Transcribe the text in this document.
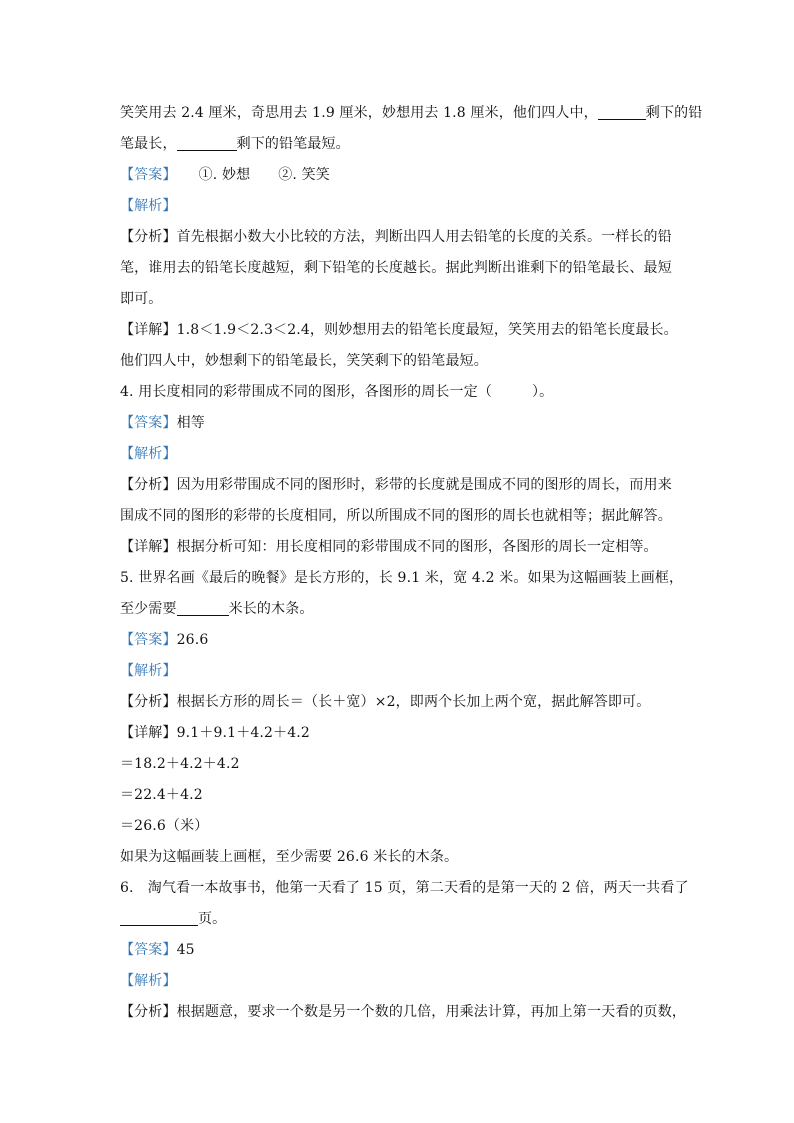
笑笑用去 2.4 厘米，奇思用去 1.9 厘米，妙想用去 1.8 厘米，他们四人中，	剩下的铅
笔最长，	剩下的铅笔最短。
【答案】 ①. 妙想 ②. 笑笑
【解析】
【分析】首先根据小数大小比较的方法，判断出四人用去铅笔的长度的关系。一样长的铅
笔，谁用去的铅笔长度越短，剩下铅笔的长度越长。据此判断出谁剩下的铅笔最长、最短
即可。
【详解】1.8＜1.9＜2.3＜2.4，则妙想用去的铅笔长度最短，笑笑用去的铅笔长度最长。
他们四人中，妙想剩下的铅笔最长，笑笑剩下的铅笔最短。
4. 用长度相同的彩带围成不同的图形，各图形的周长一定（	）。
【答案】相等
【解析】
【分析】因为用彩带围成不同的图形时，彩带的长度就是围成不同的图形的周长，而用来
围成不同的图形的彩带的长度相同，所以所围成不同的图形的周长也就相等；据此解答。
【详解】根据分析可知：用长度相同的彩带围成不同的图形，各图形的周长一定相等。
5. 世界名画《最后的晚餐》是长方形的，长 9.1 米，宽 4.2 米。如果为这幅画装上画框，
至少需要	米长的木条。
【答案】26.6
【解析】
【分析】根据长方形的周长＝（长＋宽）×2，即两个长加上两个宽，据此解答即可。
【详解】9.1＋9.1＋4.2＋4.2
＝18.2＋4.2＋4.2
＝22.4＋4.2
＝26.6（米）
如果为这幅画装上画框，至少需要 26.6 米长的木条。
6.　淘气看一本故事书，他第一天看了 15 页，第二天看的是第一天的 2 倍，两天一共看了
页。
【答案】45
【解析】
【分析】根据题意，要求一个数是另一个数的几倍，用乘法计算，再加上第一天看的页数，
